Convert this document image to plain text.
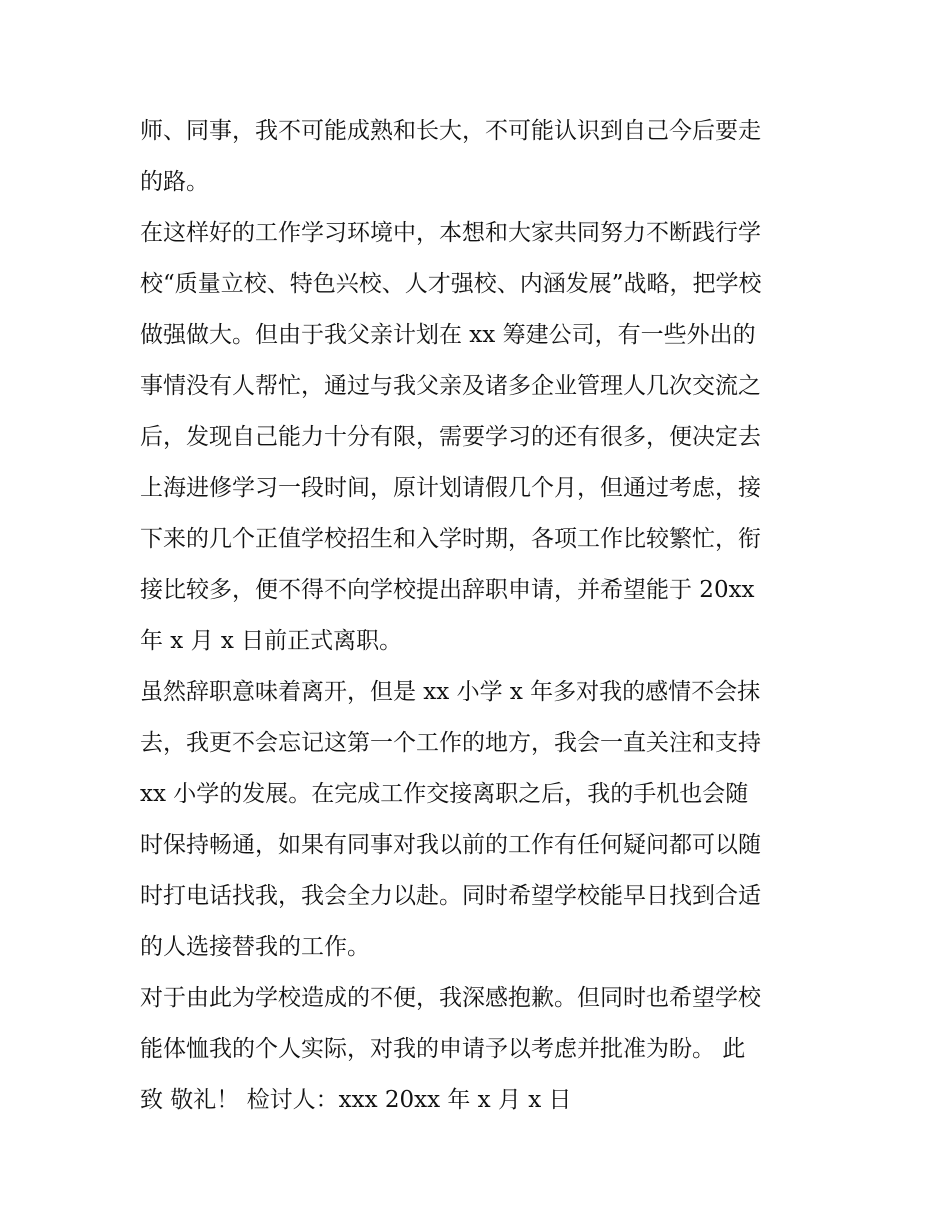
师、同事，我不可能成熟和长大，不可能认识到自己今后要走
的路。
在这样好的工作学习环境中，本想和大家共同努力不断践行学
校“质量立校、特色兴校、人才强校、内涵发展”战略，把学校
做强做大。但由于我父亲计划在 xx 筹建公司，有一些外出的
事情没有人帮忙，通过与我父亲及诸多企业管理人几次交流之
后，发现自己能力十分有限，需要学习的还有很多，便决定去
上海进修学习一段时间，原计划请假几个月，但通过考虑，接
下来的几个正值学校招生和入学时期，各项工作比较繁忙，衔
接比较多，便不得不向学校提出辞职申请，并希望能于 20xx
年 x 月 x 日前正式离职。
虽然辞职意味着离开，但是 xx 小学 x 年多对我的感情不会抹
去，我更不会忘记这第一个工作的地方，我会一直关注和支持
xx 小学的发展。在完成工作交接离职之后，我的手机也会随
时保持畅通，如果有同事对我以前的工作有任何疑问都可以随
时打电话找我，我会全力以赴。同时希望学校能早日找到合适
的人选接替我的工作。
对于由此为学校造成的不便，我深感抱歉。但同时也希望学校
能体恤我的个人实际，对我的申请予以考虑并批准为盼。 此
致 敬礼！ 检讨人：xxx 20xx 年 x 月 x 日
